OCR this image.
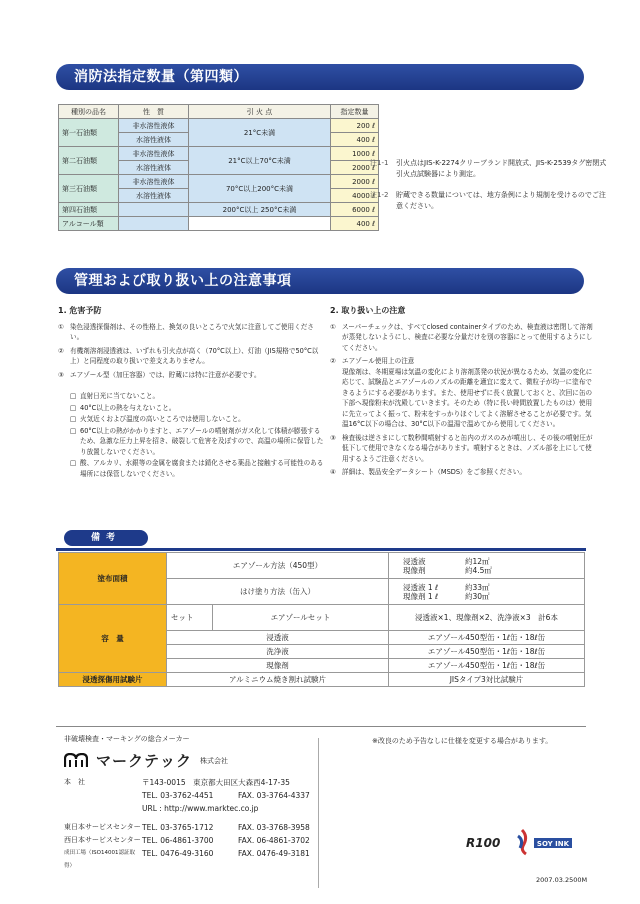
消防法指定数量（第四類）
種別の品名	性　質	引 火 点	指定数量
第一石油類	非水溶性液体	21°C未満	200 ℓ
	水溶性液体		400 ℓ
第二石油類	非水溶性液体	21°C以上70°C未満	1000 ℓ
	水溶性液体		2000 ℓ
第三石油類	非水溶性液体	70°C以上200°C未満	2000 ℓ
	水溶性液体		4000 ℓ
第四石油類		200°C以上 250°C未満	6000 ℓ
アルコール類			400 ℓ
注1-1	引火点はJIS-K-2274クリーブランド開放式、JIS-K-2539タグ密閉式引火点試験器により測定。
注1-2	貯蔵できる数量については、地方条例により規制を受けるのでご注意ください。
管理および取り扱い上の注意事項
1. 危害予防
① 染色浸透探傷剤は、その性格上、換気の良いところで火気に注意してご使用ください。
② 有機剤溶剤浸透液は、いずれも引火点が高く（70°C以上）、灯油（JIS規格で50°C以上）と同程度の取り扱いで差支えありません。
③ エアゾール型（加圧容器）では、貯蔵には特に注意が必要です。
□ 直射日光に当てないこと。
□ 40°C以上の熱を与えないこと。
□ 火気近くおよび温度の高いところでは使用しないこと。
□ 60°C以上の熱がかかりますと、エアゾールの噴射剤がガス化して体積が膨張するため、急激な圧力上昇を招き、破裂して危害を及ぼすので、高温の場所に保管したり放置しないでください。
□ 酸、アルカリ、水銀等の金属を腐食または錆化させる薬品と接触する可能性のある場所には保管しないでください。
2. 取り扱い上の注意
① スーパーチェックは、すべてclosed containerタイプのため、検査液は密閉して溶剤が蒸発しないようにし、検査に必要な分量だけを別の容器にとって使用するようにしてください。
② エアゾール使用上の注意
現像剤は、冬期夏場は気温の変化により溶剤蒸発の状況が異なるため、気温の変化に応じて、試験品とエアゾールのノズルの距離を適宜に変えて、微粒子が均一に塗布できるようにする必要があります。また、使用せずに長く放置しておくと、次回に缶の下部へ現像粉末が沈殿していきます。そのため（特に長い時間放置したものは）使用に先立ってよく振って、粉末をすっかりほぐしてよく溶解させることが必要です。気温16°C以下の場合は、30°C以下の温湯で温めてから使用してください。
③ 検査後は逆さまにして数秒間噴射すると缶内のガスのみが噴出し、その後の噴射圧が低下して使用できなくなる場合があります。噴射するときは、ノズル部を上にして使用するようご注意ください。
④ 詳細は、製品安全データシート（MSDS）をご参照ください。
備考
塗布面積	エアゾール方法（450型）		浸透液 約12㎡
現像剤 約4.5㎡

	はけ塗り方法（缶入）		浸透液 1 ℓ 約33㎡
現像剤 1 ℓ 約30㎡

容　量	セット	エアゾールセット	浸透液×1、現像剤×2、洗浄液×3　計6本
	浸透液		エアゾール450型缶・1ℓ缶・18ℓ缶
	洗浄液		エアゾール450型缶・1ℓ缶・18ℓ缶
	現像剤		エアゾール450型缶・1ℓ缶・18ℓ缶
浸透探傷用試験片	アルミニウム焼き割れ試験片		JISタイプ3対比試験片
非破壊検査・マーキングの総合メーカー
マークテック 株式会社
本　社	〒143-0015　東京都大田区大森西4-17-35
TEL. 03-3762-4451	FAX. 03-3764-4337
URL : http://www.marktec.co.jp
東日本サービスセンター TEL. 03-3765-1712	FAX. 03-3768-3958
西日本サービスセンター TEL. 06-4861-3700	FAX. 06-4861-3702
成田工場（ISO14001認証取得）
TEL. 0476-49-3160	FAX. 0476-49-3181
※改良のため予告なしに仕様を変更する場合があります。
R100	SOY INK
2007.03.2500M
